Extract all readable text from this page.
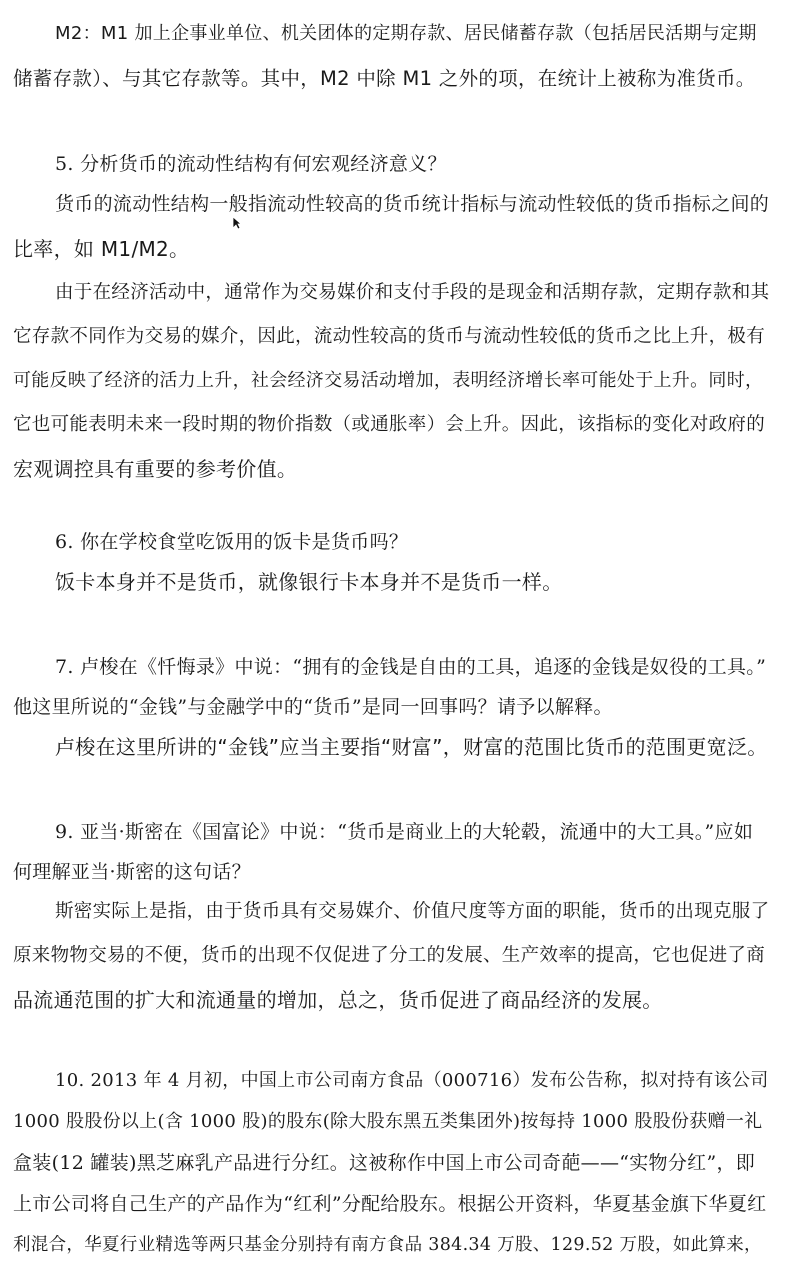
M2：M1 加上企事业单位、机关团体的定期存款、居民储蓄存款（包括居民活期与定期
储蓄存款）、与其它存款等。其中，M2 中除 M1 之外的项，在统计上被称为准货币。
5. 分析货币的流动性结构有何宏观经济意义？
货币的流动性结构一般指流动性较高的货币统计指标与流动性较低的货币指标之间的
比率，如 M1/M2。
由于在经济活动中，通常作为交易媒价和支付手段的是现金和活期存款，定期存款和其
它存款不同作为交易的媒介，因此，流动性较高的货币与流动性较低的货币之比上升，极有
可能反映了经济的活力上升，社会经济交易活动增加，表明经济增长率可能处于上升。同时，
它也可能表明未来一段时期的物价指数（或通胀率）会上升。因此，该指标的变化对政府的
宏观调控具有重要的参考价值。
6. 你在学校食堂吃饭用的饭卡是货币吗？
饭卡本身并不是货币，就像银行卡本身并不是货币一样。
7. 卢梭在《忏悔录》中说：“拥有的金钱是自由的工具，追逐的金钱是奴役的工具。”
他这里所说的“金钱”与金融学中的“货币”是同一回事吗？请予以解释。
卢梭在这里所讲的“金钱”应当主要指“财富”，财富的范围比货币的范围更宽泛。
9. 亚当·斯密在《国富论》中说：“货币是商业上的大轮毂，流通中的大工具。”应如
何理解亚当·斯密的这句话？
斯密实际上是指，由于货币具有交易媒介、价值尺度等方面的职能，货币的出现克服了
原来物物交易的不便，货币的出现不仅促进了分工的发展、生产效率的提高，它也促进了商
品流通范围的扩大和流通量的增加，总之，货币促进了商品经济的发展。
10. 2013 年 4 月初，中国上市公司南方食品（000716）发布公告称，拟对持有该公司
1000 股股份以上(含 1000 股)的股东(除大股东黑五类集团外)按每持 1000 股股份获赠一礼
盒装(12 罐装)黑芝麻乳产品进行分红。这被称作中国上市公司奇葩——“实物分红”，即
上市公司将自己生产的产品作为“红利”分配给股东。根据公开资料，华夏基金旗下华夏红
利混合，华夏行业精选等两只基金分别持有南方食品 384.34 万股、129.52 万股，如此算来，
